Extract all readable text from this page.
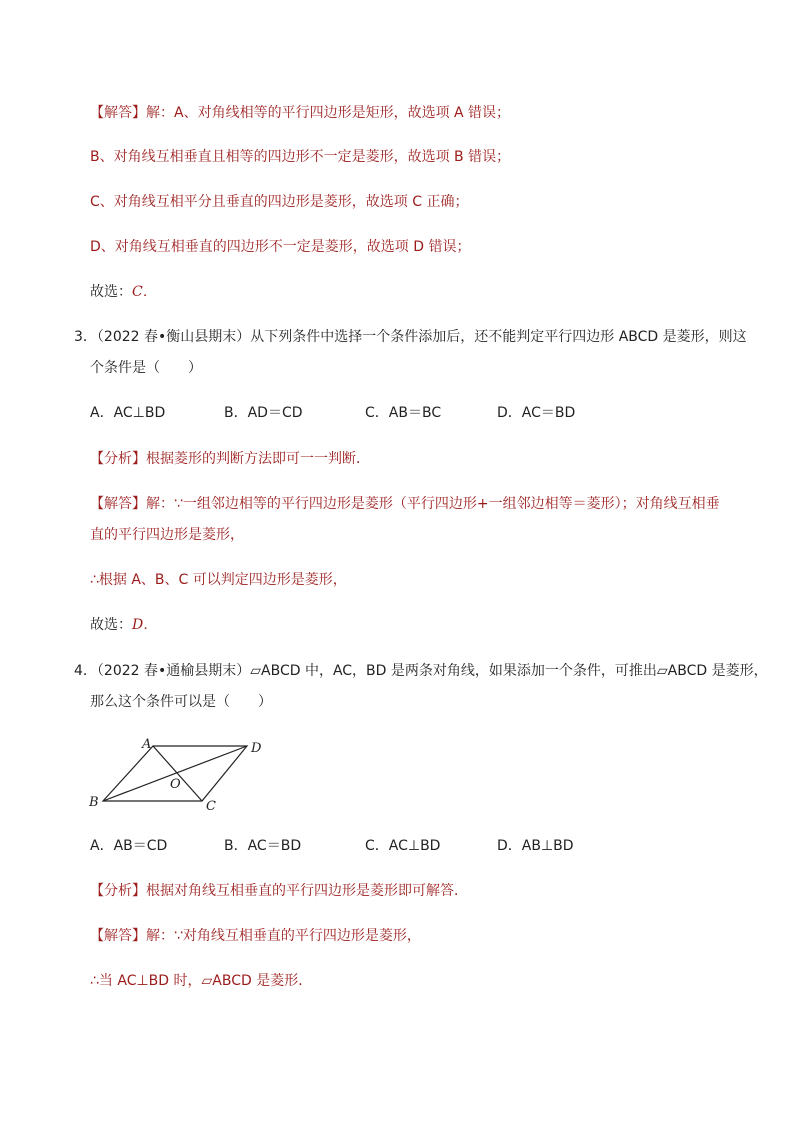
【解答】解：A、对角线相等的平行四边形是矩形，故选项 A 错误；
B、对角线互相垂直且相等的四边形不一定是菱形，故选项 B 错误；
C、对角线互相平分且垂直的四边形是菱形，故选项 C 正确；
D、对角线互相垂直的四边形不一定是菱形，故选项 D 错误；
故选：C．
3．（2022 春•衡山县期末）从下列条件中选择一个条件添加后，还不能判定平行四边形 ABCD 是菱形，则这
个条件是（　　）
A．AC⊥BD	B．AD＝CD	C．AB＝BC	D．AC＝BD
【分析】根据菱形的判断方法即可一一判断．
【解答】解：∵一组邻边相等的平行四边形是菱形（平行四边形+一组邻边相等＝菱形）；对角线互相垂
直的平行四边形是菱形，
∴根据 A、B、C 可以判定四边形是菱形，
故选：D．
4．（2022 春•通榆县期末）▱ABCD 中，AC，BD 是两条对角线，如果添加一个条件，可推出▱ABCD 是菱形，
那么这个条件可以是（　　）
A	D
O
B	C
A．AB＝CD	B．AC＝BD	C．AC⊥BD	D．AB⊥BD
【分析】根据对角线互相垂直的平行四边形是菱形即可解答．
【解答】解：∵对角线互相垂直的平行四边形是菱形，
∴当 AC⊥BD 时，▱ABCD 是菱形．
